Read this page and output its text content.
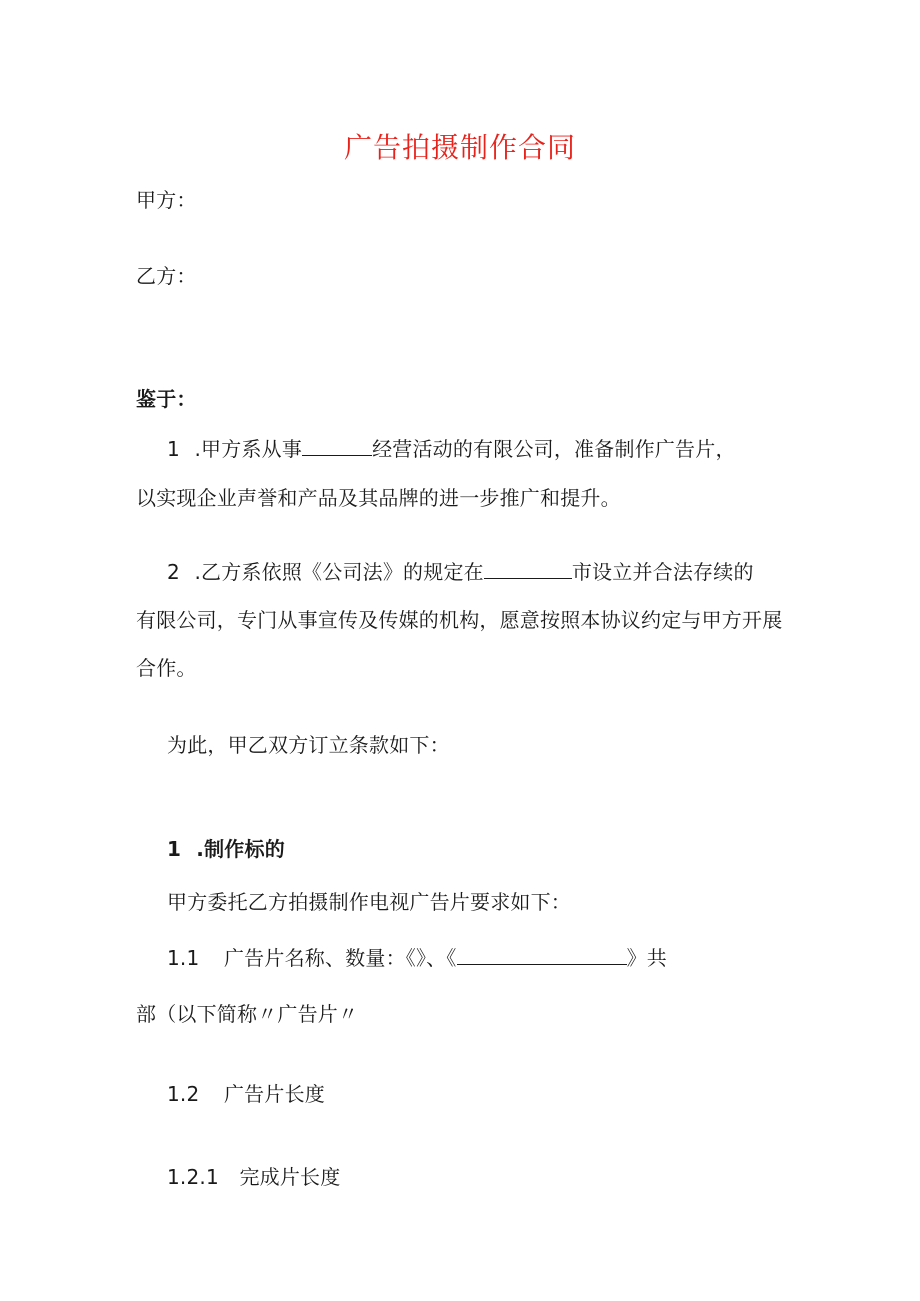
广告拍摄制作合同
甲方：
乙方：
鉴于：
1 .甲方系从事	经营活动的有限公司，准备制作广告片，
以实现企业声誉和产品及其品牌的进一步推广和提升。
2 .乙方系依照《公司法》的规定在	市设立并合法存续的
有限公司，专门从事宣传及传媒的机构，愿意按照本协议约定与甲方开展
合作。
为此，甲乙双方订立条款如下：
1 .制作标的
甲方委托乙方拍摄制作电视广告片要求如下：
1.1 广告片名称、数量：《》、《	》共
部（以下简称〃广告片〃
1.2 广告片长度
1.2.1 完成片长度
